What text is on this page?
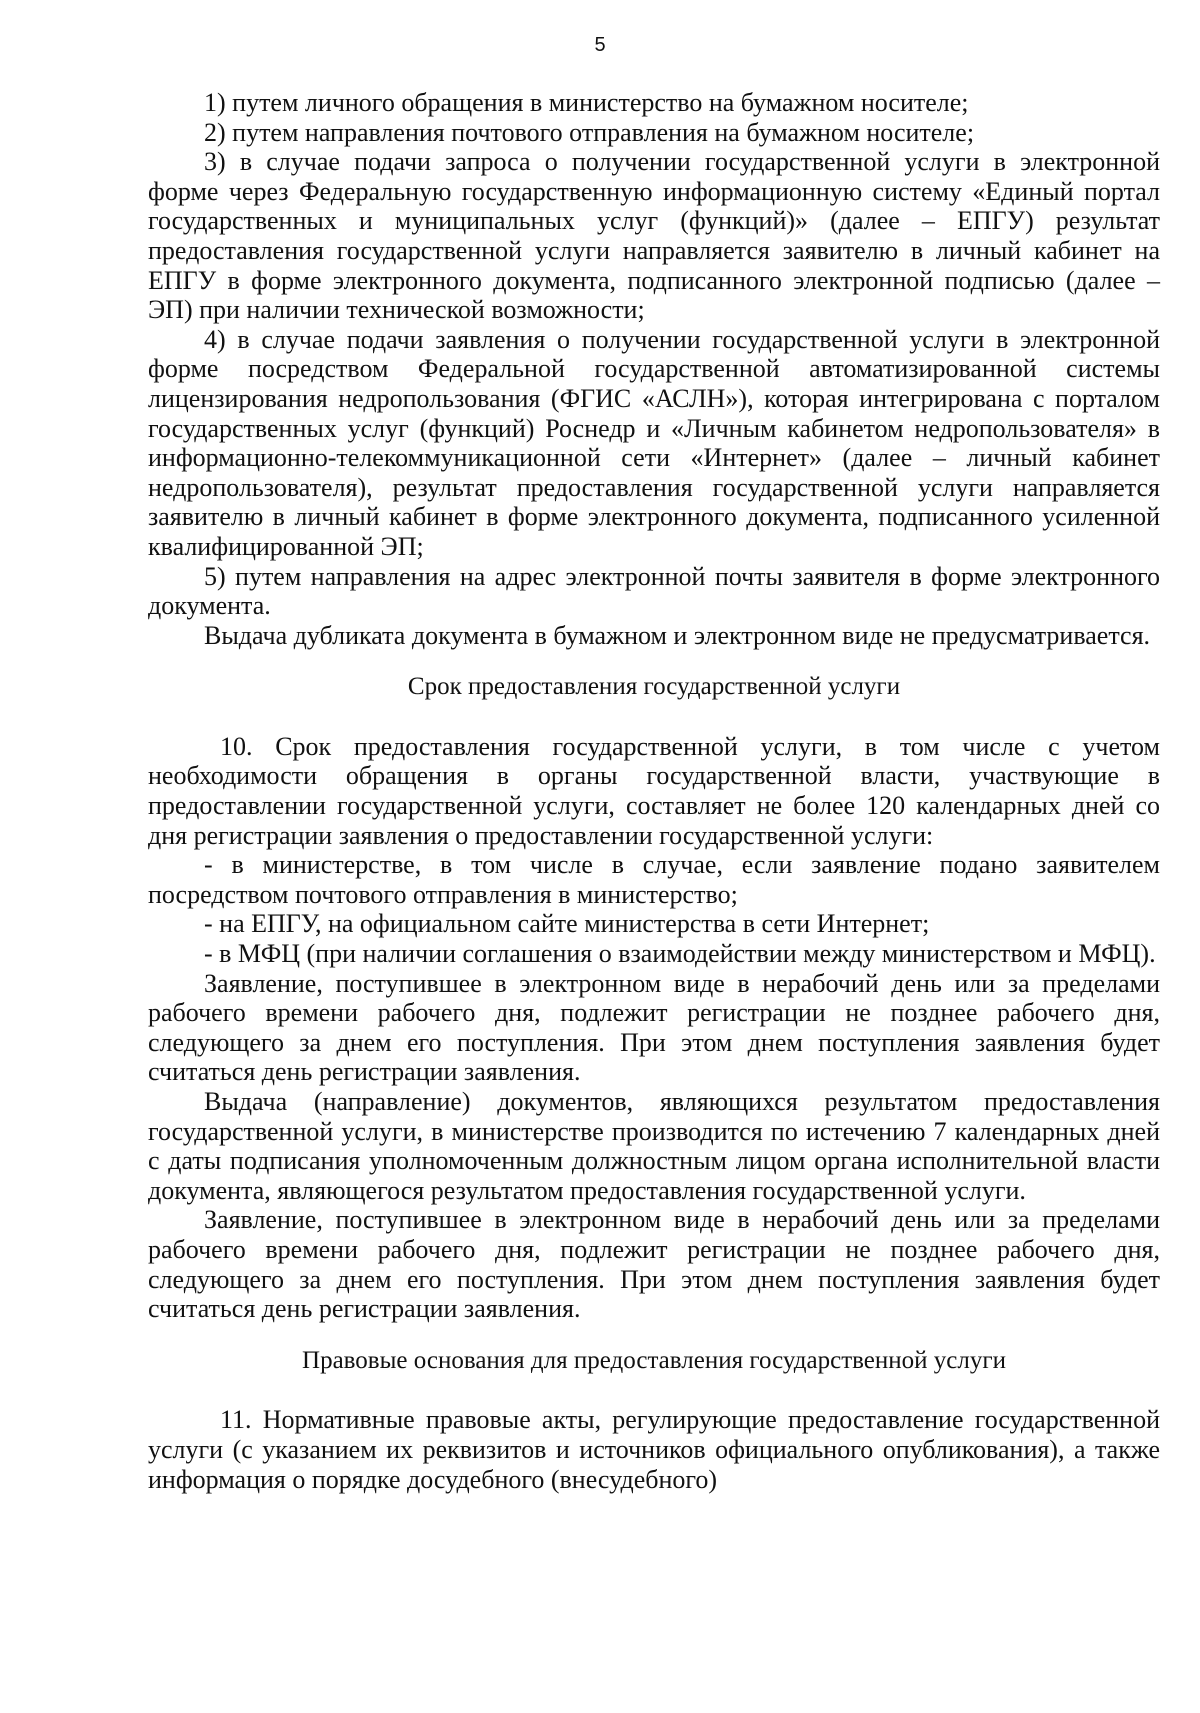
5

1) путем личного обращения в министерство на бумажном носителе;

2) путем направления почтового отправления на бумажном носителе;

3) в случае подачи запроса о получении государственной услуги в электронной форме через Федеральную государственную информационную систему «Единый портал государственных и муниципальных услуг (функций)» (далее – ЕПГУ) результат предоставления государственной услуги направляется заявителю в личный кабинет на ЕПГУ в форме электронного документа, подписанного электронной подписью (далее – ЭП) при наличии технической возможности;

4) в случае подачи заявления о получении государственной услуги в электронной форме посредством Федеральной государственной автоматизированной системы лицензирования недропользования (ФГИС «АСЛН»), которая интегрирована с порталом государственных услуг (функций) Роснедр и «Личным кабинетом недропользователя» в информационно-телекоммуникационной сети «Интернет» (далее – личный кабинет недропользователя), результат предоставления государственной услуги направляется заявителю в личный кабинет в форме электронного документа, подписанного усиленной квалифицированной ЭП;

5) путем направления на адрес электронной почты заявителя в форме электронного документа.

Выдача дубликата документа в бумажном и электронном виде не предусматривается.

Срок предоставления государственной услуги

10. Срок предоставления государственной услуги, в том числе с учетом необходимости обращения в органы государственной власти, участвующие в предоставлении государственной услуги, составляет не более 120 календарных дней со дня регистрации заявления о предоставлении государственной услуги:

- в министерстве, в том числе в случае, если заявление подано заявителем посредством почтового отправления в министерство;

- на ЕПГУ, на официальном сайте министерства в сети Интернет;

- в МФЦ (при наличии соглашения о взаимодействии между министерством и МФЦ).

Заявление, поступившее в электронном виде в нерабочий день или за пределами рабочего времени рабочего дня, подлежит регистрации не позднее рабочего дня, следующего за днем его поступления. При этом днем поступления заявления будет считаться день регистрации заявления.

Выдача (направление) документов, являющихся результатом предоставления государственной услуги, в министерстве производится по истечению 7 календарных дней с даты подписания уполномоченным должностным лицом органа исполнительной власти документа, являющегося результатом предоставления государственной услуги.

Заявление, поступившее в электронном виде в нерабочий день или за пределами рабочего времени рабочего дня, подлежит регистрации не позднее рабочего дня, следующего за днем его поступления. При этом днем поступления заявления будет считаться день регистрации заявления.

Правовые основания для предоставления государственной услуги

11. Нормативные правовые акты, регулирующие предоставление государственной услуги (с указанием их реквизитов и источников официального опубликования), а также информация о порядке досудебного (внесудебного)
